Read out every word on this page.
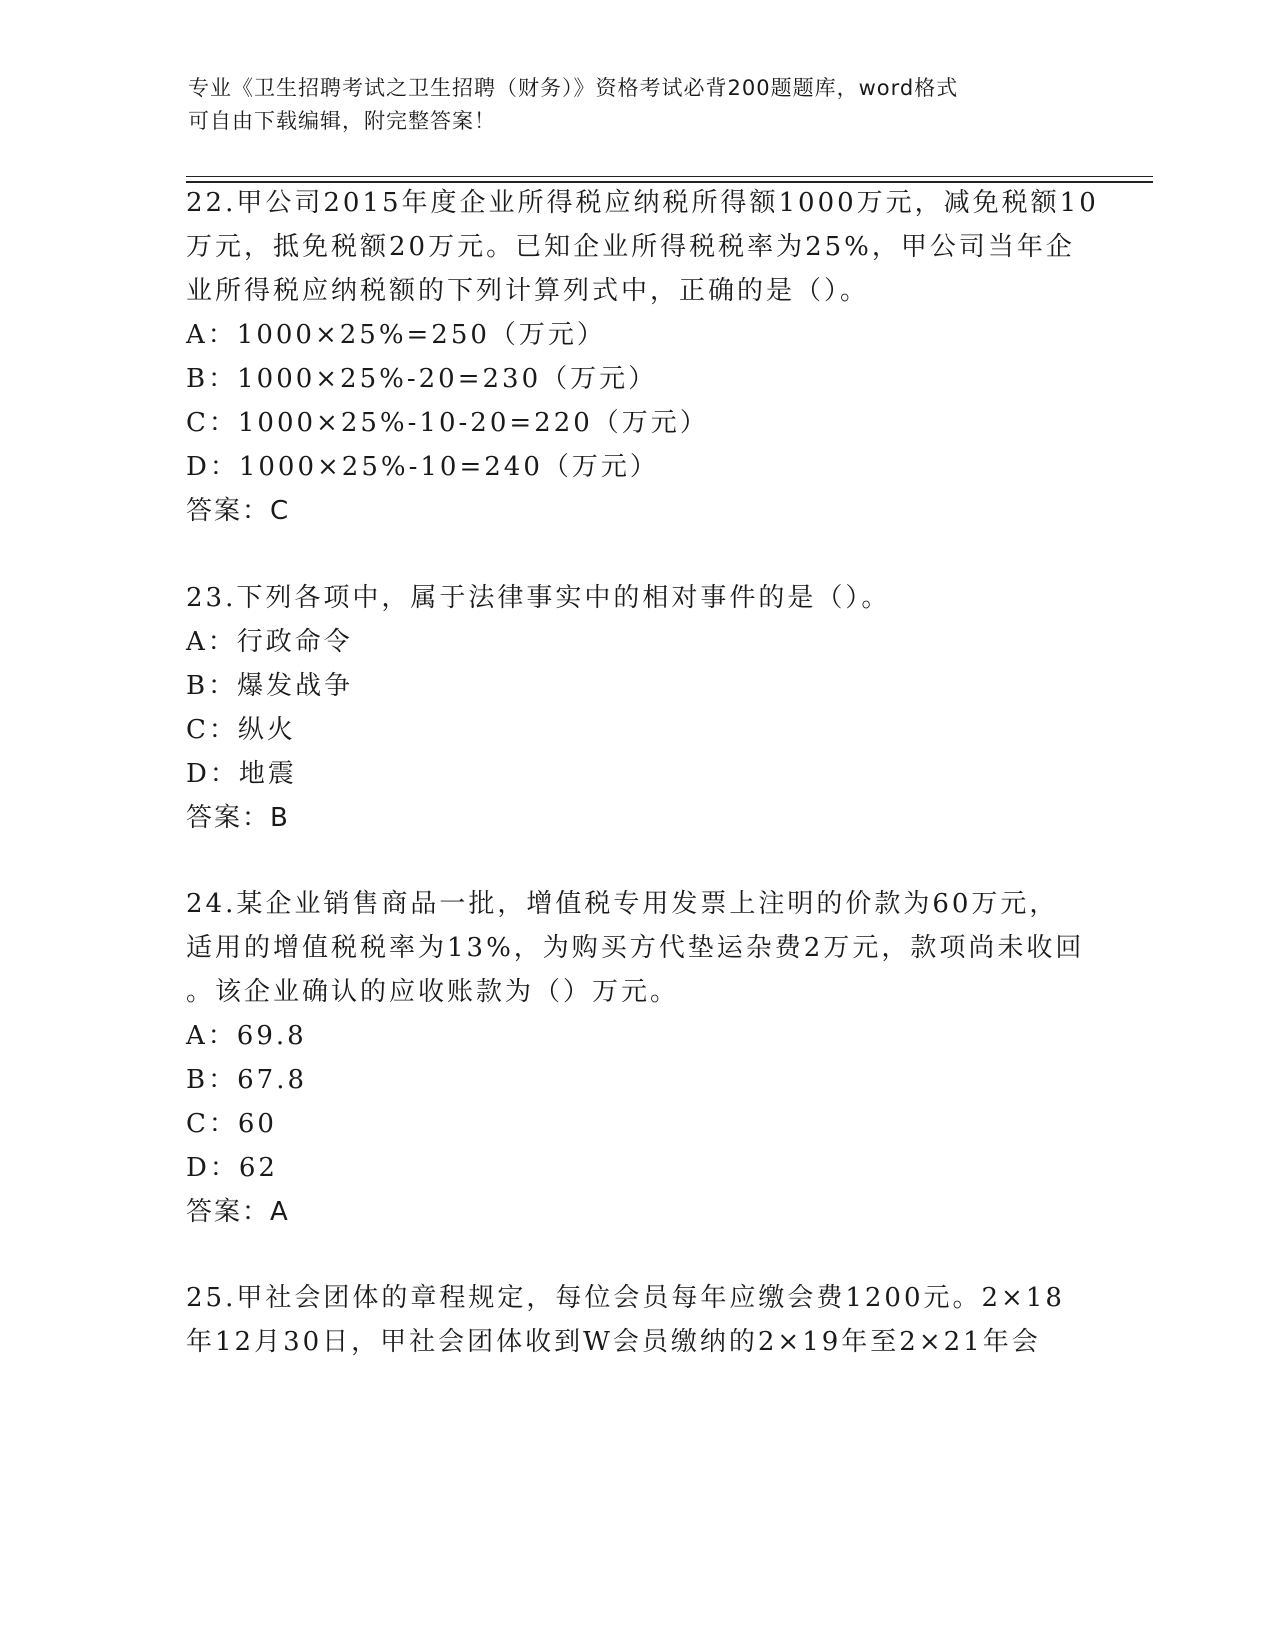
专业《卫生招聘考试之卫生招聘（财务）》资格考试必背200题题库，word格式
可自由下载编辑，附完整答案！
22.甲公司2015年度企业所得税应纳税所得额1000万元，减免税额10
万元，抵免税额20万元。已知企业所得税税率为25%，甲公司当年企
业所得税应纳税额的下列计算列式中，正确的是（）。
A：1000×25%=250（万元）
B：1000×25%-20=230（万元）
C：1000×25%-10-20=220（万元）
D：1000×25%-10=240（万元）
答案：C
23.下列各项中，属于法律事实中的相对事件的是（）。
A：行政命令
B：爆发战争
C：纵火
D：地震
答案：B
24.某企业销售商品一批，增值税专用发票上注明的价款为60万元，
适用的增值税税率为13%，为购买方代垫运杂费2万元，款项尚未收回
。该企业确认的应收账款为（）万元。
A：69.8
B：67.8
C：60
D：62
答案：A
25.甲社会团体的章程规定，每位会员每年应缴会费1200元。2×18
年12月30日，甲社会团体收到W会员缴纳的2×19年至2×21年会
